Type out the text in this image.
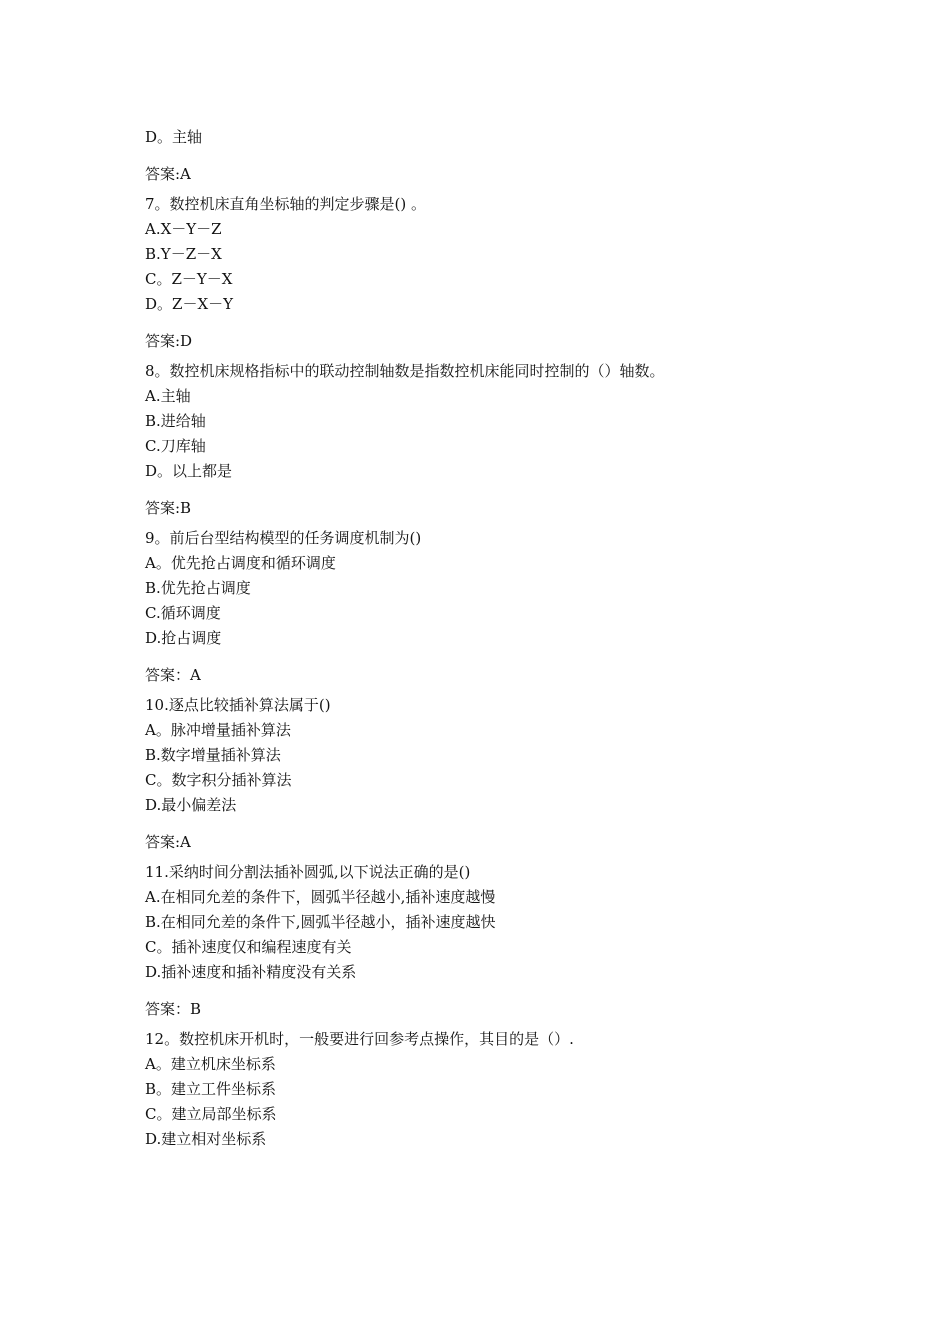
D。主轴
答案:A
7。数控机床直角坐标轴的判定步骤是() 。
A.X－Y－Z
B.Y－Z－X
C。Z－Y－X
D。Z－X－Y
答案:D
8。数控机床规格指标中的联动控制轴数是指数控机床能同时控制的（）轴数。
A.主轴
B.进给轴
C.刀库轴
D。以上都是
答案:B
9。前后台型结构模型的任务调度机制为()
A。优先抢占调度和循环调度
B.优先抢占调度
C.循环调度
D.抢占调度
答案：A
10.逐点比较插补算法属于()
A。脉冲增量插补算法
B.数字增量插补算法
C。数字积分插补算法
D.最小偏差法
答案:A
11.采纳时间分割法插补圆弧,以下说法正确的是()
A.在相同允差的条件下，圆弧半径越小,插补速度越慢
B.在相同允差的条件下,圆弧半径越小，插补速度越快
C。插补速度仅和编程速度有关
D.插补速度和插补精度没有关系
答案：B
12。数控机床开机时，一般要进行回参考点操作，其目的是（）.
A。建立机床坐标系
B。建立工件坐标系
C。建立局部坐标系
D.建立相对坐标系
